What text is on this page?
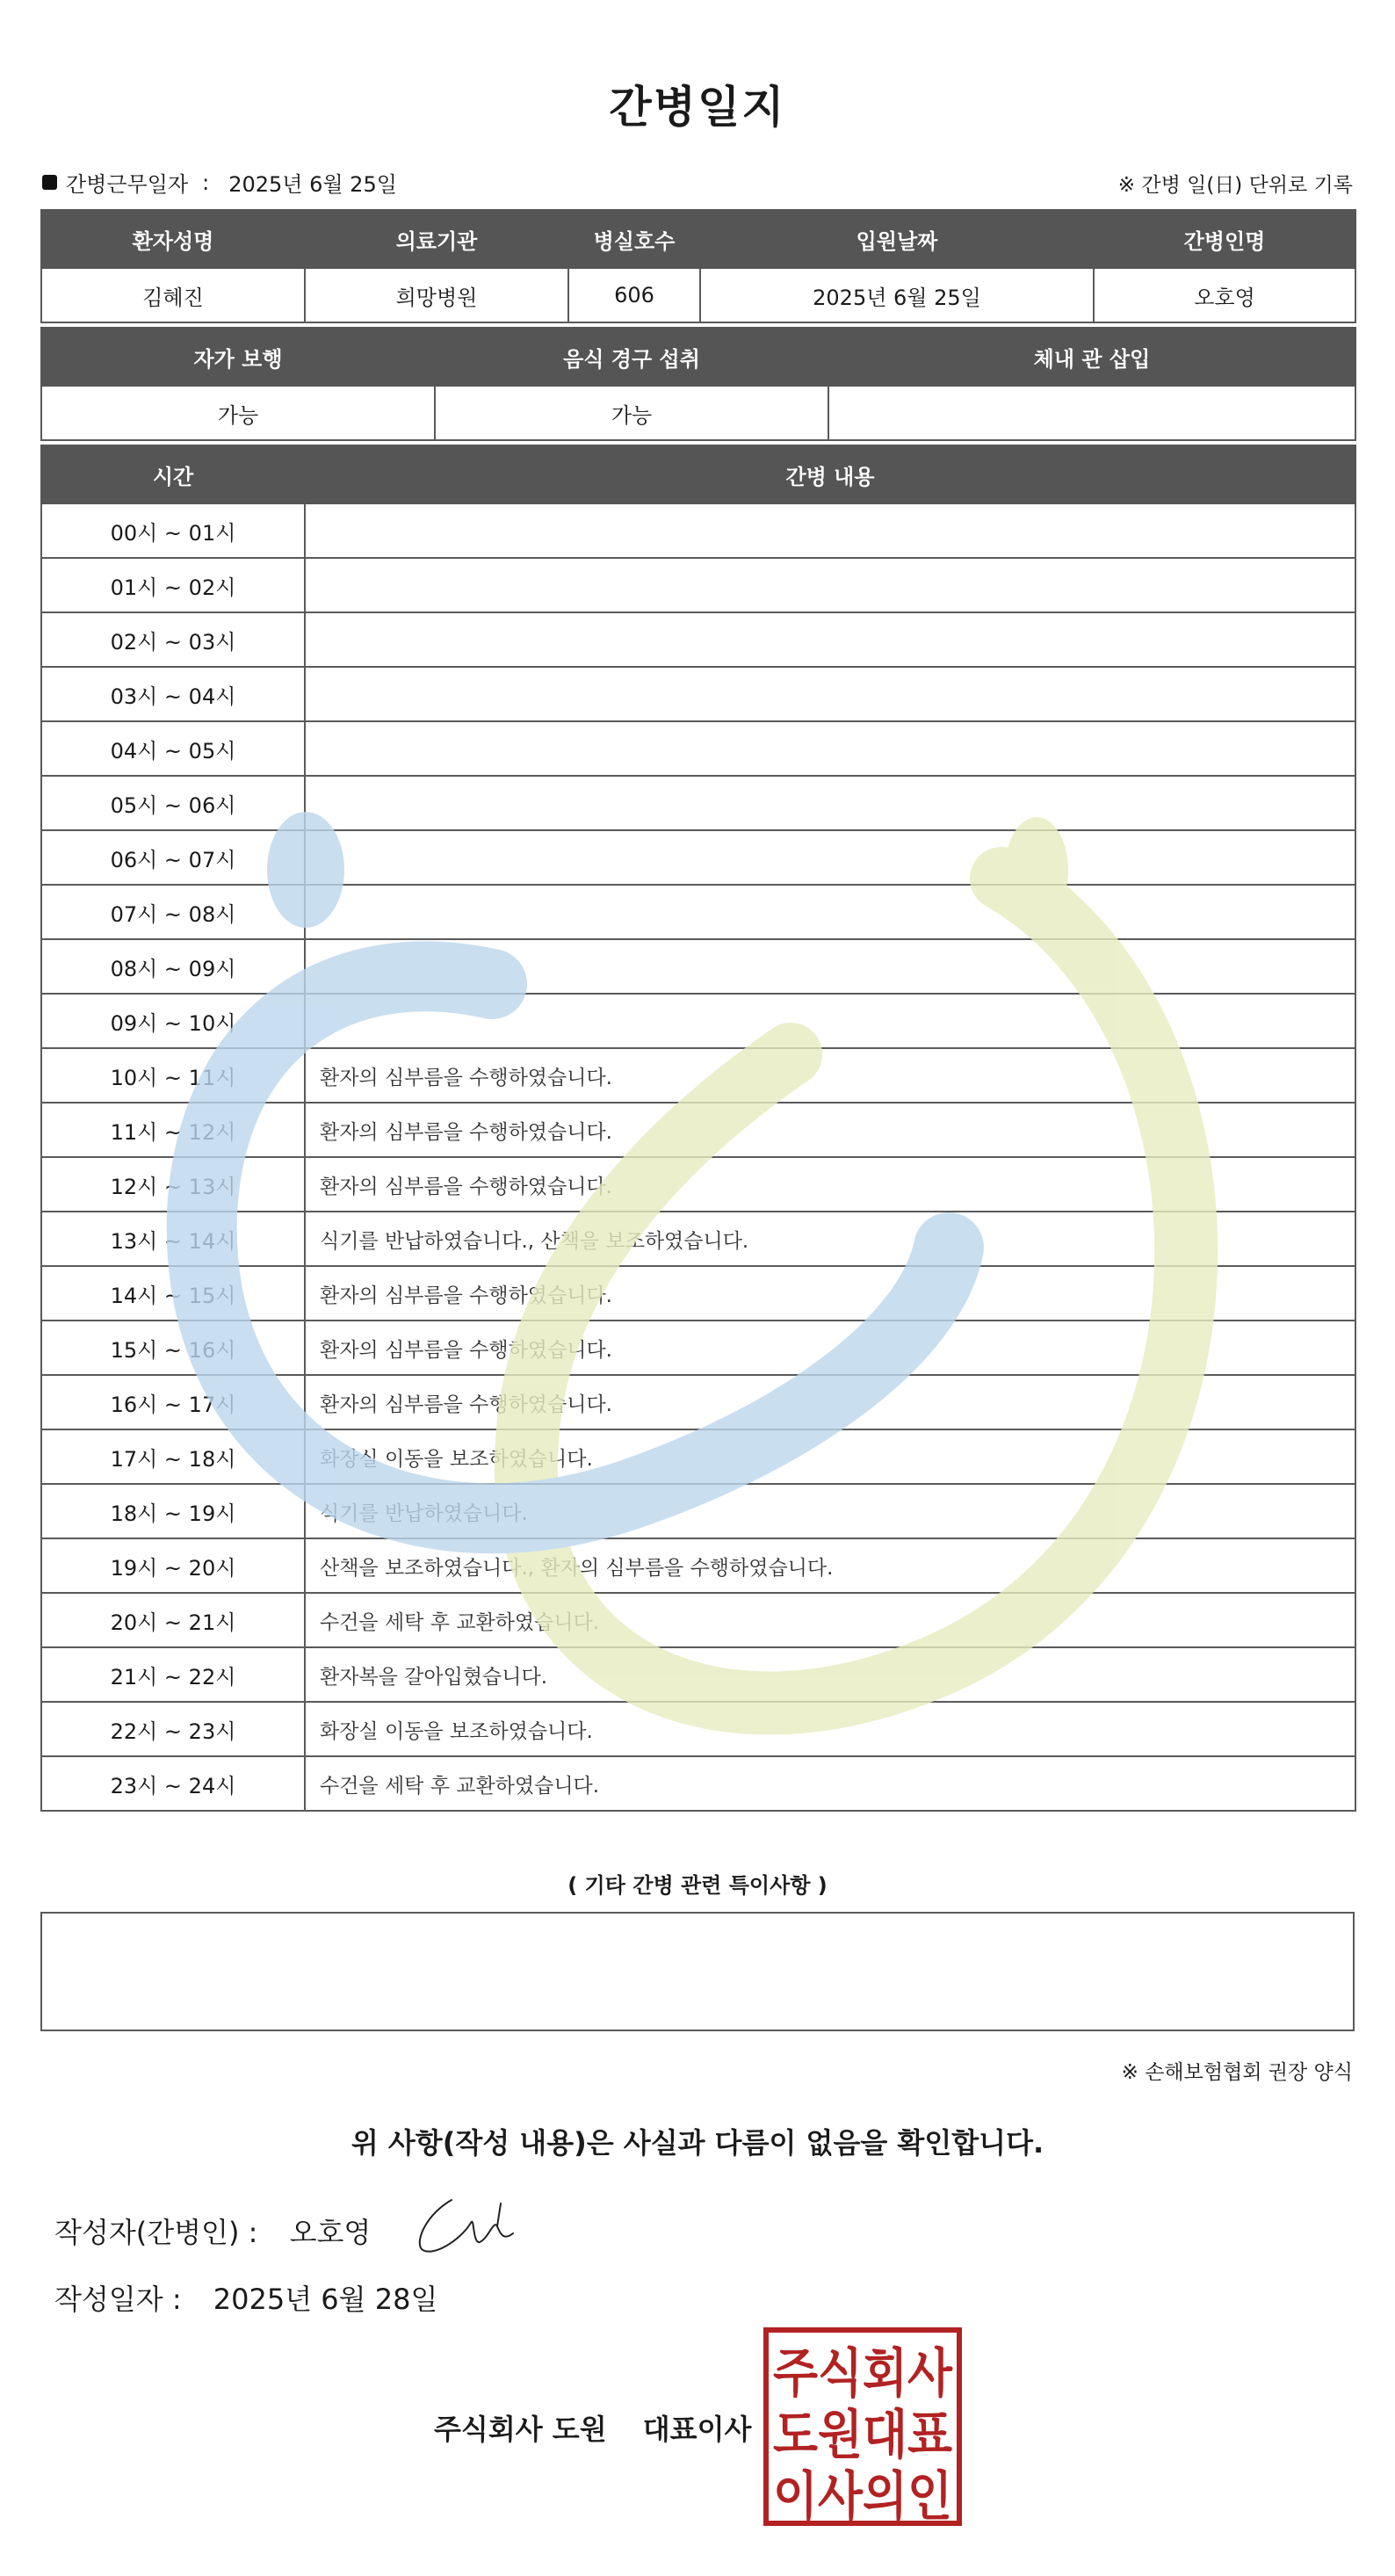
간병일지
간병근무일자 : 2025년 6월 25일	※ 간병 일(日) 단위로 기록
환자성명	의료기관	병실호수	입원날짜	간병인명
김혜진	희망병원	606	2025년 6월 25일	오호영
자가 보행	음식 경구 섭취	체내 관 삽입
가능	가능	
시간	간병 내용
00시 ~ 01시	
01시 ~ 02시	
02시 ~ 03시	
03시 ~ 04시	
04시 ~ 05시	
05시 ~ 06시	
06시 ~ 07시	
07시 ~ 08시	
08시 ~ 09시	
09시 ~ 10시	
10시 ~ 11시	환자의 심부름을 수행하였습니다.
11시 ~ 12시	환자의 심부름을 수행하였습니다.
12시 ~ 13시	환자의 심부름을 수행하였습니다.
13시 ~ 14시	식기를 반납하였습니다., 산책을 보조하였습니다.
14시 ~ 15시	환자의 심부름을 수행하였습니다.
15시 ~ 16시	환자의 심부름을 수행하였습니다.
16시 ~ 17시	환자의 심부름을 수행하였습니다.
17시 ~ 18시	화장실 이동을 보조하였습니다.
18시 ~ 19시	식기를 반납하였습니다.
19시 ~ 20시	산책을 보조하였습니다., 환자의 심부름을 수행하였습니다.
20시 ~ 21시	수건을 세탁 후 교환하였습니다.
21시 ~ 22시	환자복을 갈아입혔습니다.
22시 ~ 23시	화장실 이동을 보조하였습니다.
23시 ~ 24시	수건을 세탁 후 교환하였습니다.
( 기타 간병 관련 특이사항 )
※ 손해보험협회 권장 양식
위 사항(작성 내용)은 사실과 다름이 없음을 확인합니다.
작성자(간병인) : 오호영
작성일자 : 2025년 6월 28일
주식회사 도원 대표이사
주식회사
도원대표
이사의인
